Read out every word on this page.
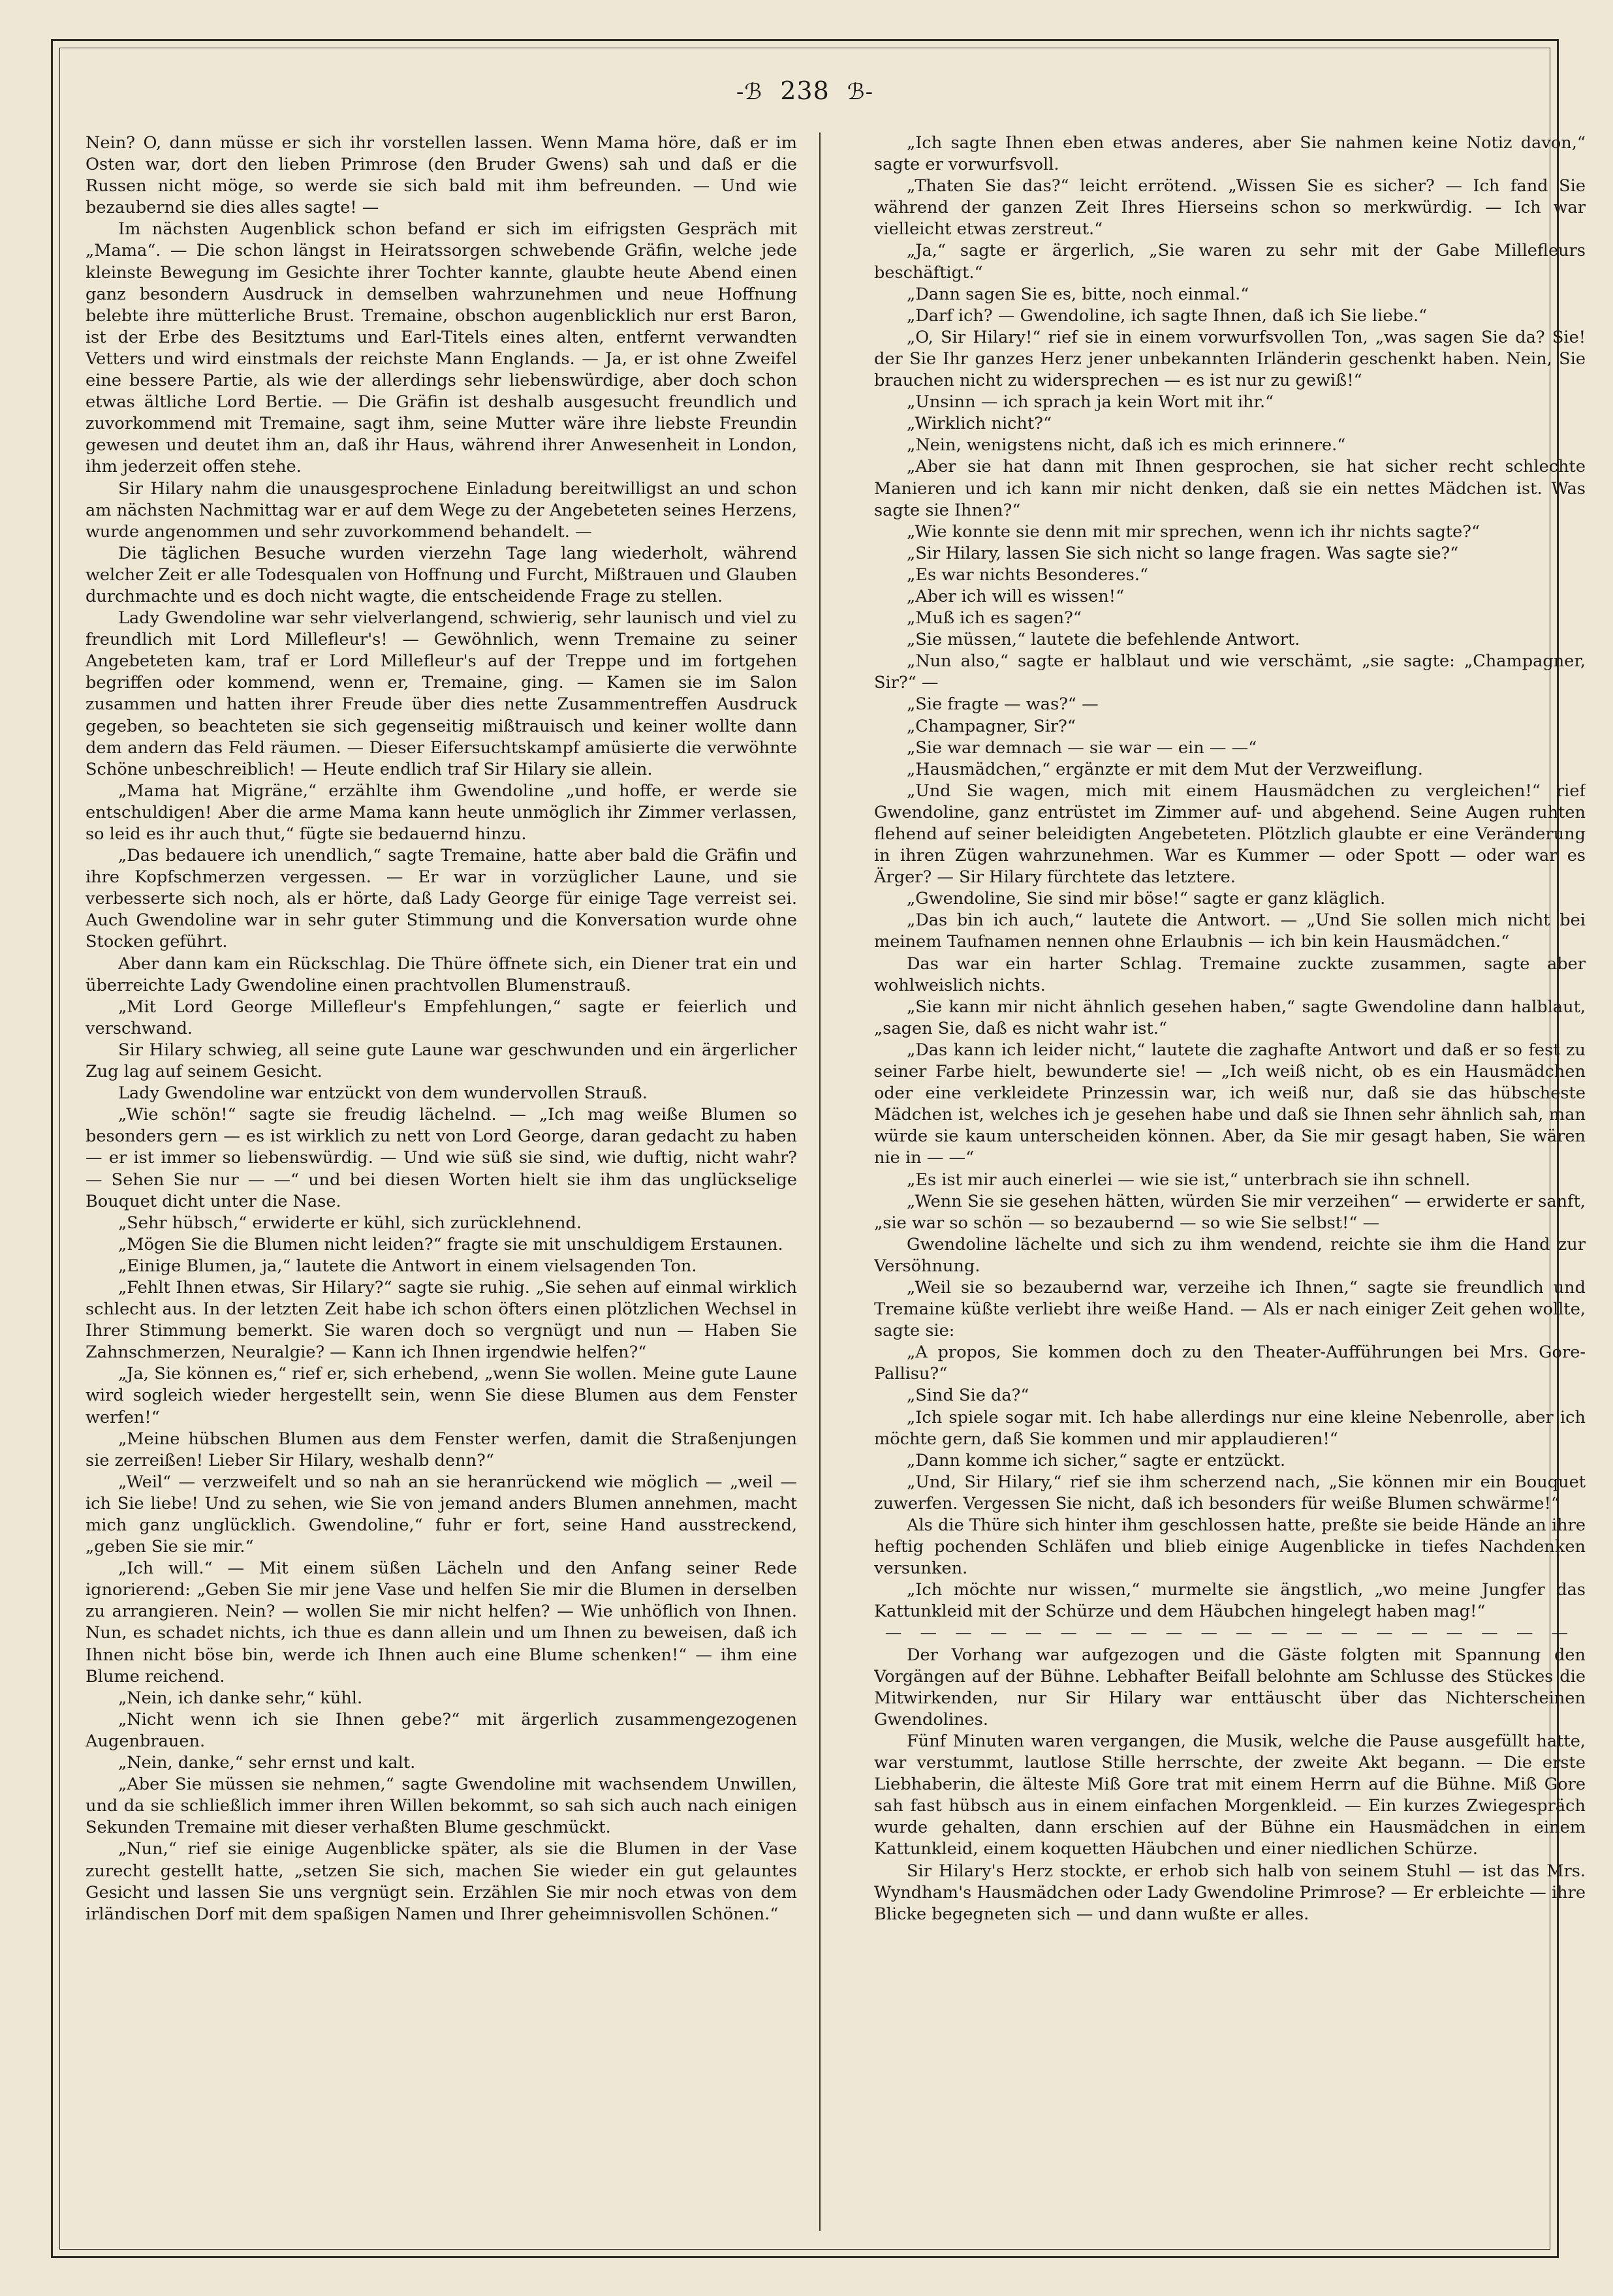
-ℬ 238 ℬ-

Nein? O, dann müsse er sich ihr vorstellen lassen. Wenn Mama höre, daß er im Osten war, dort den lieben Primrose (den Bruder Gwens) sah und daß er die Russen nicht möge, so werde sie sich bald mit ihm befreunden. — Und wie bezaubernd sie dies alles sagte! —

Im nächsten Augenblick schon befand er sich im eifrigsten Gespräch mit „Mama“. — Die schon längst in Heiratssorgen schwebende Gräfin, welche jede kleinste Bewegung im Gesichte ihrer Tochter kannte, glaubte heute Abend einen ganz besondern Ausdruck in demselben wahrzunehmen und neue Hoffnung belebte ihre mütterliche Brust. Tremaine, obschon augenblicklich nur erst Baron, ist der Erbe des Besitztums und Earl-Titels eines alten, entfernt verwandten Vetters und wird einstmals der reichste Mann Englands. — Ja, er ist ohne Zweifel eine bessere Partie, als wie der allerdings sehr liebenswürdige, aber doch schon etwas ältliche Lord Bertie. — Die Gräfin ist deshalb ausgesucht freundlich und zuvorkommend mit Tremaine, sagt ihm, seine Mutter wäre ihre liebste Freundin gewesen und deutet ihm an, daß ihr Haus, während ihrer Anwesenheit in London, ihm jederzeit offen stehe.

Sir Hilary nahm die unausgesprochene Einladung bereitwilligst an und schon am nächsten Nachmittag war er auf dem Wege zu der Angebeteten seines Herzens, wurde angenommen und sehr zuvorkommend behandelt. —

Die täglichen Besuche wurden vierzehn Tage lang wiederholt, während welcher Zeit er alle Todesqualen von Hoffnung und Furcht, Mißtrauen und Glauben durchmachte und es doch nicht wagte, die entscheidende Frage zu stellen.

Lady Gwendoline war sehr vielverlangend, schwierig, sehr launisch und viel zu freundlich mit Lord Millefleur's! — Gewöhnlich, wenn Tremaine zu seiner Angebeteten kam, traf er Lord Millefleur's auf der Treppe und im fortgehen begriffen oder kommend, wenn er, Tremaine, ging. — Kamen sie im Salon zusammen und hatten ihrer Freude über dies nette Zusammentreffen Ausdruck gegeben, so beachteten sie sich gegenseitig mißtrauisch und keiner wollte dann dem andern das Feld räumen. — Dieser Eifersuchtskampf amüsierte die verwöhnte Schöne unbeschreiblich! — Heute endlich traf Sir Hilary sie allein.

„Mama hat Migräne,“ erzählte ihm Gwendoline „und hoffe, er werde sie entschuldigen! Aber die arme Mama kann heute unmöglich ihr Zimmer verlassen, so leid es ihr auch thut,“ fügte sie bedauernd hinzu.

„Das bedauere ich unendlich,“ sagte Tremaine, hatte aber bald die Gräfin und ihre Kopfschmerzen vergessen. — Er war in vorzüglicher Laune, und sie verbesserte sich noch, als er hörte, daß Lady George für einige Tage verreist sei. Auch Gwendoline war in sehr guter Stimmung und die Konversation wurde ohne Stocken geführt.

Aber dann kam ein Rückschlag. Die Thüre öffnete sich, ein Diener trat ein und überreichte Lady Gwendoline einen prachtvollen Blumenstrauß.

„Mit Lord George Millefleur's Empfehlungen,“ sagte er feierlich und verschwand.

Sir Hilary schwieg, all seine gute Laune war geschwunden und ein ärgerlicher Zug lag auf seinem Gesicht.

Lady Gwendoline war entzückt von dem wundervollen Strauß.

„Wie schön!“ sagte sie freudig lächelnd. — „Ich mag weiße Blumen so besonders gern — es ist wirklich zu nett von Lord George, daran gedacht zu haben — er ist immer so liebenswürdig. — Und wie süß sie sind, wie duftig, nicht wahr? — Sehen Sie nur — —“ und bei diesen Worten hielt sie ihm das unglückselige Bouquet dicht unter die Nase.

„Sehr hübsch,“ erwiderte er kühl, sich zurücklehnend.

„Mögen Sie die Blumen nicht leiden?“ fragte sie mit unschuldigem Erstaunen.

„Einige Blumen, ja,“ lautete die Antwort in einem vielsagenden Ton.

„Fehlt Ihnen etwas, Sir Hilary?“ sagte sie ruhig. „Sie sehen auf einmal wirklich schlecht aus. In der letzten Zeit habe ich schon öfters einen plötzlichen Wechsel in Ihrer Stimmung bemerkt. Sie waren doch so vergnügt und nun — Haben Sie Zahnschmerzen, Neuralgie? — Kann ich Ihnen irgendwie helfen?“

„Ja, Sie können es,“ rief er, sich erhebend, „wenn Sie wollen. Meine gute Laune wird sogleich wieder hergestellt sein, wenn Sie diese Blumen aus dem Fenster werfen!“

„Meine hübschen Blumen aus dem Fenster werfen, damit die Straßenjungen sie zerreißen! Lieber Sir Hilary, weshalb denn?“

„Weil“ — verzweifelt und so nah an sie heranrückend wie möglich — „weil — ich Sie liebe! Und zu sehen, wie Sie von jemand anders Blumen annehmen, macht mich ganz unglücklich. Gwendoline,“ fuhr er fort, seine Hand ausstreckend, „geben Sie sie mir.“

„Ich will.“ — Mit einem süßen Lächeln und den Anfang seiner Rede ignorierend: „Geben Sie mir jene Vase und helfen Sie mir die Blumen in derselben zu arrangieren. Nein? — wollen Sie mir nicht helfen? — Wie unhöflich von Ihnen. Nun, es schadet nichts, ich thue es dann allein und um Ihnen zu beweisen, daß ich Ihnen nicht böse bin, werde ich Ihnen auch eine Blume schenken!“ — ihm eine Blume reichend.

„Nein, ich danke sehr,“ kühl.

„Nicht wenn ich sie Ihnen gebe?“ mit ärgerlich zusammengezogenen Augenbrauen.

„Nein, danke,“ sehr ernst und kalt.

„Aber Sie müssen sie nehmen,“ sagte Gwendoline mit wachsendem Unwillen, und da sie schließlich immer ihren Willen bekommt, so sah sich auch nach einigen Sekunden Tremaine mit dieser verhaßten Blume geschmückt.

„Nun,“ rief sie einige Augenblicke später, als sie die Blumen in der Vase zurecht gestellt hatte, „setzen Sie sich, machen Sie wieder ein gut gelauntes Gesicht und lassen Sie uns vergnügt sein. Erzählen Sie mir noch etwas von dem irländischen Dorf mit dem spaßigen Namen und Ihrer geheimnisvollen Schönen.“

„Ich sagte Ihnen eben etwas anderes, aber Sie nahmen keine Notiz davon,“ sagte er vorwurfsvoll.

„Thaten Sie das?“ leicht errötend. „Wissen Sie es sicher? — Ich fand Sie während der ganzen Zeit Ihres Hierseins schon so merkwürdig. — Ich war vielleicht etwas zerstreut.“

„Ja,“ sagte er ärgerlich, „Sie waren zu sehr mit der Gabe Millefleurs beschäftigt.“

„Dann sagen Sie es, bitte, noch einmal.“

„Darf ich? — Gwendoline, ich sagte Ihnen, daß ich Sie liebe.“

„O, Sir Hilary!“ rief sie in einem vorwurfsvollen Ton, „was sagen Sie da? Sie! der Sie Ihr ganzes Herz jener unbekannten Irländerin geschenkt haben. Nein, Sie brauchen nicht zu widersprechen — es ist nur zu gewiß!“

„Unsinn — ich sprach ja kein Wort mit ihr.“

„Wirklich nicht?“

„Nein, wenigstens nicht, daß ich es mich erinnere.“

„Aber sie hat dann mit Ihnen gesprochen, sie hat sicher recht schlechte Manieren und ich kann mir nicht denken, daß sie ein nettes Mädchen ist. Was sagte sie Ihnen?“

„Wie konnte sie denn mit mir sprechen, wenn ich ihr nichts sagte?“

„Sir Hilary, lassen Sie sich nicht so lange fragen. Was sagte sie?“

„Es war nichts Besonderes.“

„Aber ich will es wissen!“

„Muß ich es sagen?“

„Sie müssen,“ lautete die befehlende Antwort.

„Nun also,“ sagte er halblaut und wie verschämt, „sie sagte: „Champagner, Sir?“ —

„Sie fragte — was?“ —

„Champagner, Sir?“

„Sie war demnach — sie war — ein — —“

„Hausmädchen,“ ergänzte er mit dem Mut der Verzweiflung.

„Und Sie wagen, mich mit einem Hausmädchen zu vergleichen!“ rief Gwendoline, ganz entrüstet im Zimmer auf- und abgehend. Seine Augen ruhten flehend auf seiner beleidigten Angebeteten. Plötzlich glaubte er eine Veränderung in ihren Zügen wahrzunehmen. War es Kummer — oder Spott — oder war es Ärger? — Sir Hilary fürchtete das letztere.

„Gwendoline, Sie sind mir böse!“ sagte er ganz kläglich.

„Das bin ich auch,“ lautete die Antwort. — „Und Sie sollen mich nicht bei meinem Taufnamen nennen ohne Erlaubnis — ich bin kein Hausmädchen.“

Das war ein harter Schlag. Tremaine zuckte zusammen, sagte aber wohlweislich nichts.

„Sie kann mir nicht ähnlich gesehen haben,“ sagte Gwendoline dann halblaut, „sagen Sie, daß es nicht wahr ist.“

„Das kann ich leider nicht,“ lautete die zaghafte Antwort und daß er so fest zu seiner Farbe hielt, bewunderte sie! — „Ich weiß nicht, ob es ein Hausmädchen oder eine verkleidete Prinzessin war, ich weiß nur, daß sie das hübscheste Mädchen ist, welches ich je gesehen habe und daß sie Ihnen sehr ähnlich sah, man würde sie kaum unterscheiden können. Aber, da Sie mir gesagt haben, Sie wären nie in — —“

„Es ist mir auch einerlei — wie sie ist,“ unterbrach sie ihn schnell.

„Wenn Sie sie gesehen hätten, würden Sie mir verzeihen“ — erwiderte er sanft, „sie war so schön — so bezaubernd — so wie Sie selbst!“ —

Gwendoline lächelte und sich zu ihm wendend, reichte sie ihm die Hand zur Versöhnung.

„Weil sie so bezaubernd war, verzeihe ich Ihnen,“ sagte sie freundlich und Tremaine küßte verliebt ihre weiße Hand. — Als er nach einiger Zeit gehen wollte, sagte sie:

„A propos, Sie kommen doch zu den Theater-Aufführungen bei Mrs. Gore-Pallisu?“

„Sind Sie da?“

„Ich spiele sogar mit. Ich habe allerdings nur eine kleine Nebenrolle, aber ich möchte gern, daß Sie kommen und mir applaudieren!“

„Dann komme ich sicher,“ sagte er entzückt.

„Und, Sir Hilary,“ rief sie ihm scherzend nach, „Sie können mir ein Bouquet zuwerfen. Vergessen Sie nicht, daß ich besonders für weiße Blumen schwärme!“

Als die Thüre sich hinter ihm geschlossen hatte, preßte sie beide Hände an ihre heftig pochenden Schläfen und blieb einige Augenblicke in tiefes Nachdenken versunken.

„Ich möchte nur wissen,“ murmelte sie ängstlich, „wo meine Jungfer das Kattunkleid mit der Schürze und dem Häubchen hingelegt haben mag!“

— — — — — — — — — — — — — — — — — — — —

Der Vorhang war aufgezogen und die Gäste folgten mit Spannung den Vorgängen auf der Bühne. Lebhafter Beifall belohnte am Schlusse des Stückes die Mitwirkenden, nur Sir Hilary war enttäuscht über das Nichterscheinen Gwendolines.

Fünf Minuten waren vergangen, die Musik, welche die Pause ausgefüllt hatte, war verstummt, lautlose Stille herrschte, der zweite Akt begann. — Die erste Liebhaberin, die älteste Miß Gore trat mit einem Herrn auf die Bühne. Miß Gore sah fast hübsch aus in einem einfachen Morgenkleid. — Ein kurzes Zwiegespräch wurde gehalten, dann erschien auf der Bühne ein Hausmädchen in einem Kattunkleid, einem koquetten Häubchen und einer niedlichen Schürze.

Sir Hilary's Herz stockte, er erhob sich halb von seinem Stuhl — ist das Mrs. Wyndham's Hausmädchen oder Lady Gwendoline Primrose? — Er erbleichte — ihre Blicke begegneten sich — und dann wußte er alles.
